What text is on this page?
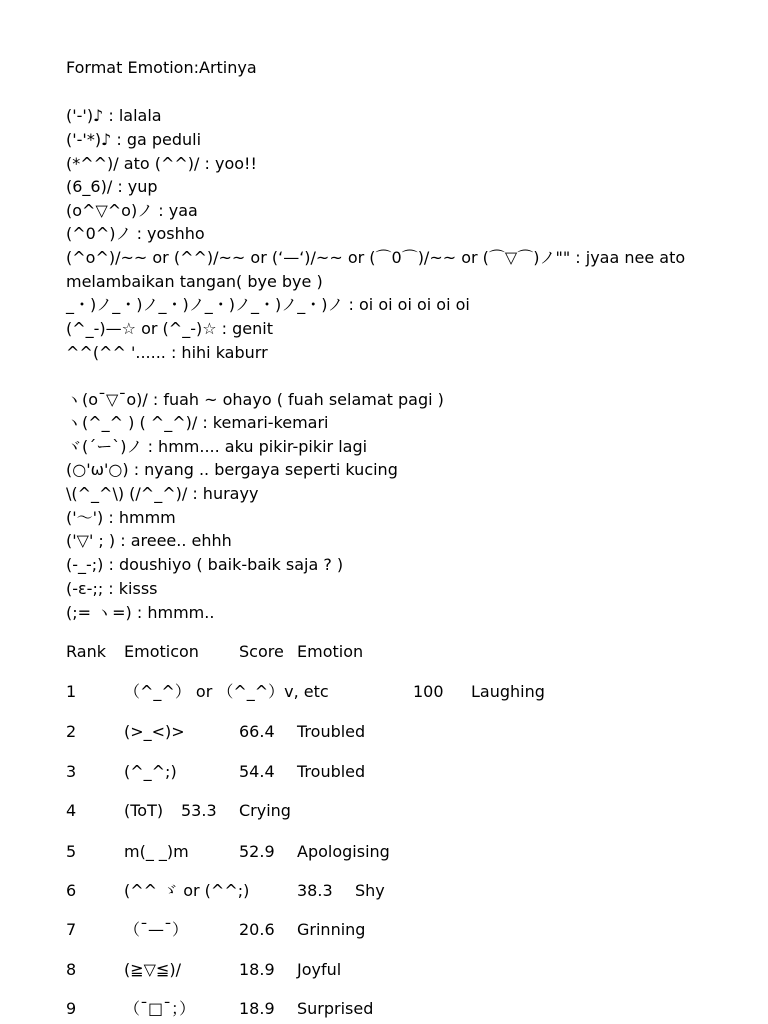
Format Emotion:Artinya
('-')♪ : lalala
('-'*)♪ : ga peduli
(*^^)/ ato (^^)/ : yoo!!
(6_6)/ : yup
(o^▽^o)ノ : yaa
(^0^)ノ : yoshho
(^o^)/~~ or (^^)/~~ or (‘—‘)/~~ or (⌒0⌒)/~~ or (⌒▽⌒)ノ"" : jyaa nee ato
melambaikan tangan( bye bye )
_・)ノ_・)ノ_・)ノ_・)ノ_・)ノ_・)ノ : oi oi oi oi oi oi
(^_-)—☆ or (^_-)☆ : genit
^^(^^ '...... : hihi kaburr
ヽ(o¯▽¯o)/ : fuah ~ ohayo ( fuah selamat pagi )
ヽ(^_^ ) ( ^_^)/ : kemari-kemari
ヾ(´ー`)ノ : hmm.... aku pikir-pikir lagi
(○'ω'○) : nyang .. bergaya seperti kucing
\(^_^\) (/^_^)/ : hurayy
('〜') : hmmm
('▽' ; ) : areee.. ehhh
(-_-;) : doushiyo ( baik-baik saja ? )
(-ε-;; : kisss
(;= ヽ=) : hmmm..
Rank Emoticon	Score Emotion
1	（^_^） or （^_^）v, etc	100 Laughing
2	(>_<)>	66.4 Troubled
3	(^_^;)	54.4 Troubled
4	(ToT) 53.3 Crying
5	m(_ _)m	52.9 Apologising
6	(^^ ゞ or (^^;)	38.3 Shy
7	（¯—¯）	20.6 Grinning
8	(≧▽≦)/	18.9 Joyful
9	（¯□¯；）	18.9 Surprised
